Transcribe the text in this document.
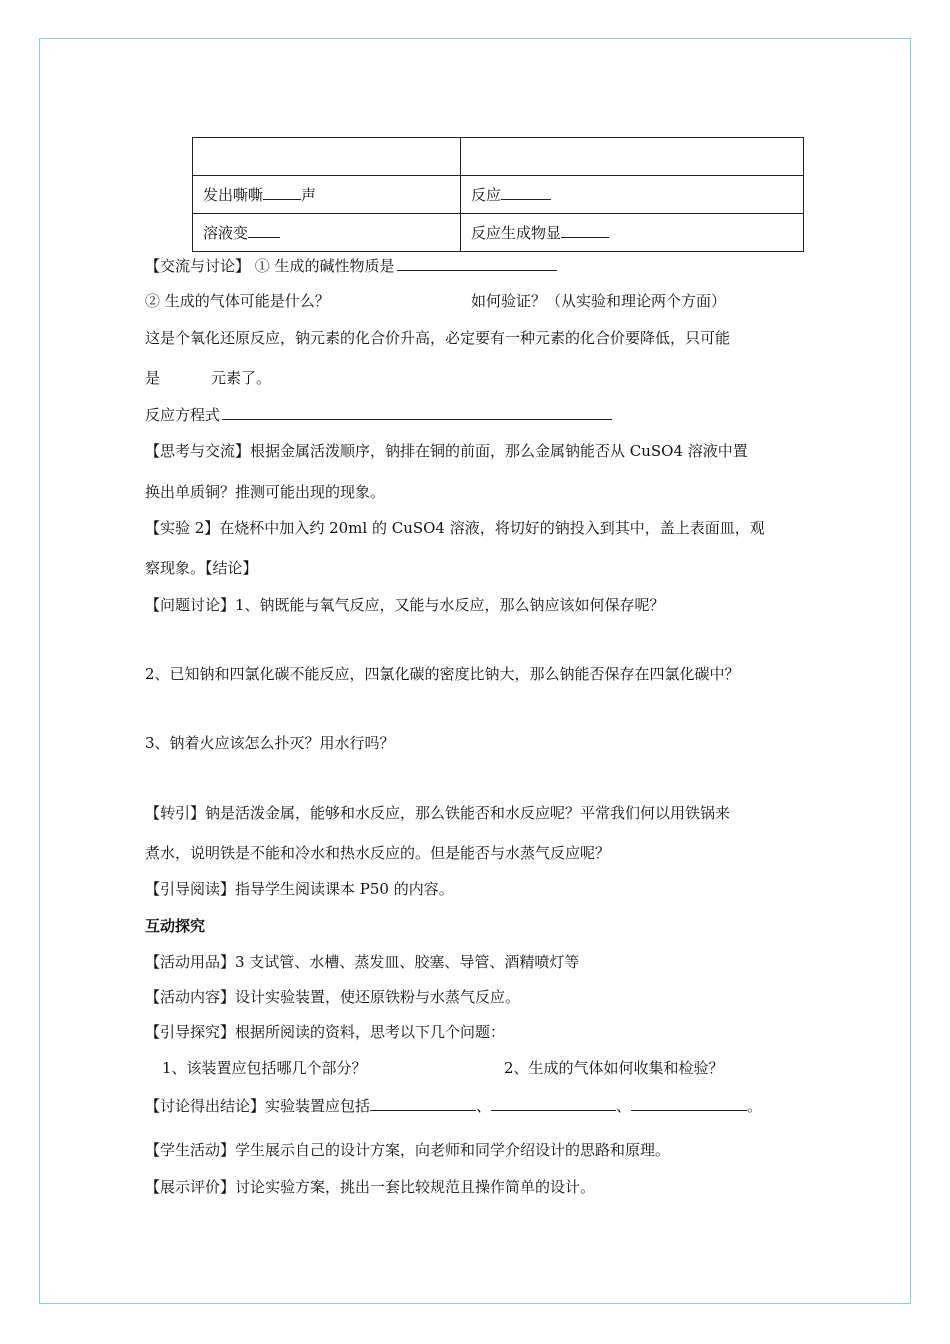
发出嘶嘶 声	反应
溶液变	反应生成物显
【交流与讨论】 ① 生成的碱性物质是
② 生成的气体可能是什么？	如何验证？（从实验和理论两个方面）
这是个氧化还原反应，钠元素的化合价升高，必定要有一种元素的化合价要降低，只可能
是	元素了。
反应方程式
【思考与交流】根据金属活泼顺序，钠排在铜的前面，那么金属钠能否从 CuSO4 溶液中置
换出单质铜？推测可能出现的现象。
【实验 2】在烧杯中加入约 20ml 的 CuSO4 溶液，将切好的钠投入到其中，盖上表面皿，观
察现象。【结论】
【问题讨论】1、钠既能与氧气反应，又能与水反应，那么钠应该如何保存呢？
2、已知钠和四氯化碳不能反应，四氯化碳的密度比钠大，那么钠能否保存在四氯化碳中？
3、钠着火应该怎么扑灭？用水行吗？
【转引】钠是活泼金属，能够和水反应，那么铁能否和水反应呢？平常我们何以用铁锅来
煮水，说明铁是不能和冷水和热水反应的。但是能否与水蒸气反应呢？
【引导阅读】指导学生阅读课本 P50 的内容。
互动探究
【活动用品】3 支试管、水槽、蒸发皿、胶塞、导管、酒精喷灯等
【活动内容】设计实验装置，使还原铁粉与水蒸气反应。
【引导探究】根据所阅读的资料，思考以下几个问题：
1、该装置应包括哪几个部分？	2、生成的气体如何收集和检验？
【讨论得出结论】实验装置应包括	、	、	。
【学生活动】学生展示自己的设计方案，向老师和同学介绍设计的思路和原理。
【展示评价】讨论实验方案，挑出一套比较规范且操作简单的设计。
